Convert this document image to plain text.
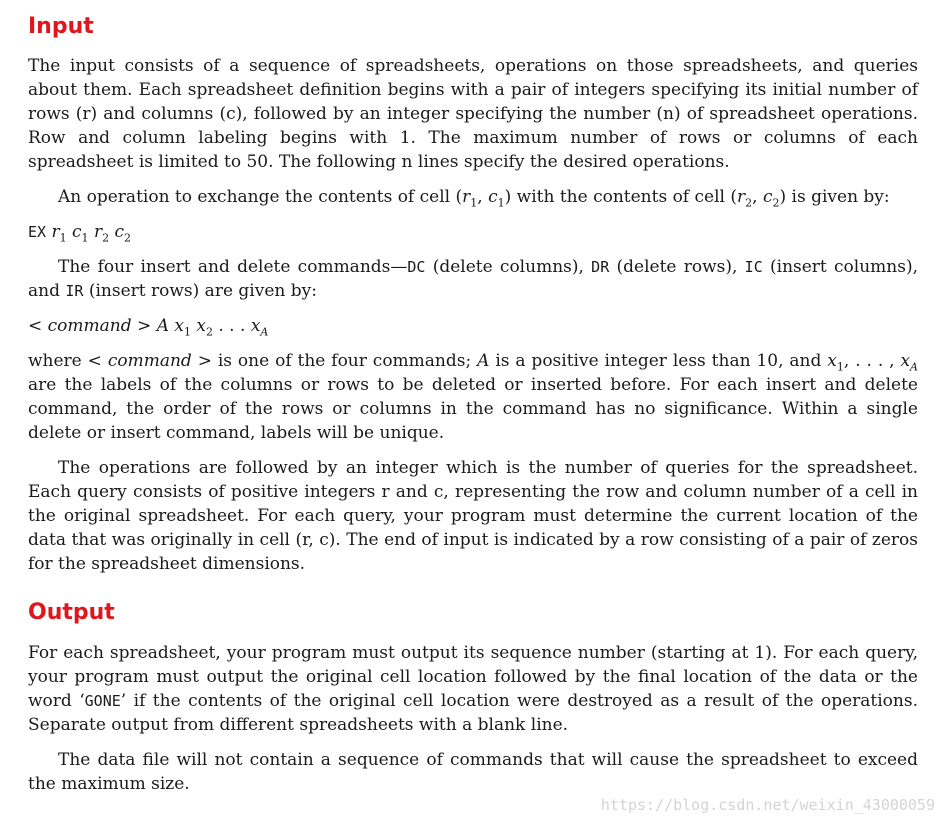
Input

The input consists of a sequence of spreadsheets, operations on those spreadsheets, and queries about them. Each spreadsheet definition begins with a pair of integers specifying its initial number of rows (r) and columns (c), followed by an integer specifying the number (n) of spreadsheet operations. Row and column labeling begins with 1. The maximum number of rows or columns of each spreadsheet is limited to 50. The following n lines specify the desired operations.

An operation to exchange the contents of cell ($r_1$, $c_1$) with the contents of cell ($r_2$, $c_2$) is given by:

EX $r_1$ $c_1$ $r_2$ $c_2$

The four insert and delete commands—DC (delete columns), DR (delete rows), IC (insert columns), and IR (insert rows) are given by:

< command > A $x_1$ $x_2$ . . . $x_A$

where < command > is one of the four commands; A is a positive integer less than 10, and $x_1$, . . . , $x_A$ are the labels of the columns or rows to be deleted or inserted before. For each insert and delete command, the order of the rows or columns in the command has no significance. Within a single delete or insert command, labels will be unique.

The operations are followed by an integer which is the number of queries for the spreadsheet. Each query consists of positive integers r and c, representing the row and column number of a cell in the original spreadsheet. For each query, your program must determine the current location of the data that was originally in cell (r, c). The end of input is indicated by a row consisting of a pair of zeros for the spreadsheet dimensions.

Output

For each spreadsheet, your program must output its sequence number (starting at 1). For each query, your program must output the original cell location followed by the final location of the data or the word ‘GONE’ if the contents of the original cell location were destroyed as a result of the operations. Separate output from different spreadsheets with a blank line.

The data file will not contain a sequence of commands that will cause the spreadsheet to exceed the maximum size.

https://blog.csdn.net/weixin_43000059
